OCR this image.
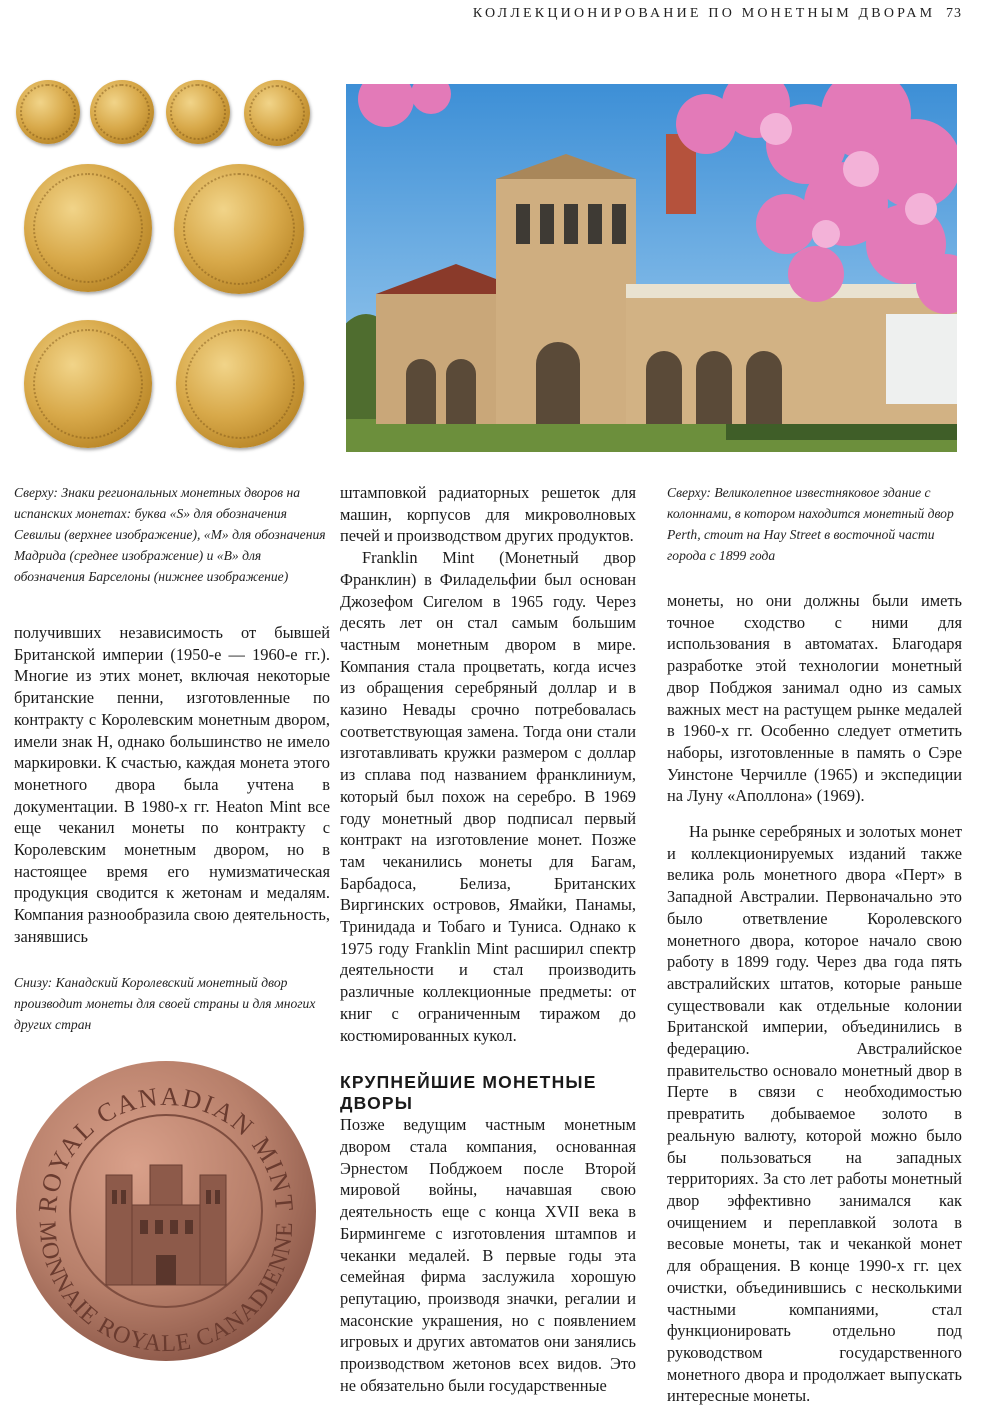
КОЛЛЕКЦИОНИРОВАНИЕ ПО МОНЕТНЫМ ДВОРАМ 73
Сверху: Знаки региональных монетных дворов на испанских монетах: буква «S» для обозначения Севильи (верхнее изображение), «М» для обозначения Мадрида (среднее изображение) и «В» для обозначения Барселоны (нижнее изображение)
Сверху: Великолепное известняковое здание с колоннами, в котором находится монетный двор Perth, стоит на Hay Street в восточной части города с 1899 года
Снизу: Канадский Королевский монетный двор производит монеты для своей страны и для многих других стран

получивших независимость от бывшей Британской империи (1950-е — 1960-е гг.). Многие из этих монет, включая некоторые британские пенни, изготовленные по контракту с Королевским монетным двором, имели знак Н, однако большинство не имело маркировки. К счастью, каждая монета этого монетного двора была учтена в документации. В 1980-х гг. Heaton Mint все еще чеканил монеты по контракту с Королевским монетным двором, но в настоящее время его нумизматическая продукция сводится к жетонам и медалям. Компания разнообразила свою деятельность, занявшись

штамповкой радиаторных решеток для машин, корпусов для микроволновых печей и производством других продуктов.

Franklin Mint (Монетный двор Франклин) в Филадельфии был основан Джозефом Сигелом в 1965 году. Через десять лет он стал самым большим частным монетным двором в мире. Компания стала процветать, когда исчез из обращения серебряный доллар и в казино Невады срочно потребовалась соответствующая замена. Тогда они стали изготавливать кружки размером с доллар из сплава под названием франклиниум, который был похож на серебро. В 1969 году монетный двор подписал первый контракт на изготовление монет. Позже там чеканились монеты для Багам, Барбадоса, Белиза, Британских Виргинских островов, Ямайки, Панамы, Тринидада и Тобаго и Туниса. Однако к 1975 году Franklin Mint расширил спектр деятельности и стал производить различные коллекционные предметы: от книг с ограниченным тиражом до костюмированных кукол.

КРУПНЕЙШИЕ МОНЕТНЫЕ ДВОРЫ

Позже ведущим частным монетным двором стала компания, основанная Эрнестом Побджоем после Второй мировой войны, начавшая свою деятельность еще с конца XVII века в Бирмингеме с изготовления штампов и чеканки медалей. В первые годы эта семейная фирма заслужила хорошую репутацию, производя значки, регалии и масонские украшения, но с появлением игровых и других автоматов они занялись производством жетонов всех видов. Это не обязательно были государственные

монеты, но они должны были иметь точное сходство с ними для использования в автоматах. Благодаря разработке этой технологии монетный двор Побджоя занимал одно из самых важных мест на растущем рынке медалей в 1960-х гг. Особенно следует отметить наборы, изготовленные в память о Сэре Уинстоне Черчилле (1965) и экспедиции на Луну «Аполлона» (1969).

На рынке серебряных и золотых монет и коллекционируемых изданий также велика роль монетного двора «Перт» в Западной Австралии. Первоначально это было ответвление Королевского монетного двора, которое начало свою работу в 1899 году. Через два года пять австралийских штатов, которые раньше существовали как отдельные колонии Британской империи, объединились в федерацию. Австралийское правительство основало монетный двор в Перте в связи с необходимостью превратить добываемое золото в реальную валюту, которой можно было бы пользоваться на западных территориях. За сто лет работы монетный двор эффективно занимался как очищением и переплавкой золота в весовые монеты, так и чеканкой монет для обращения. В конце 1990-х гг. цех очистки, объединившись с несколькими частными компаниями, стал функционировать отдельно под руководством государственного монетного двора и продолжает выпускать интересные монеты.

ROYAL CANADIAN MINT
MONNAIE ROYALE CANADIENNE
